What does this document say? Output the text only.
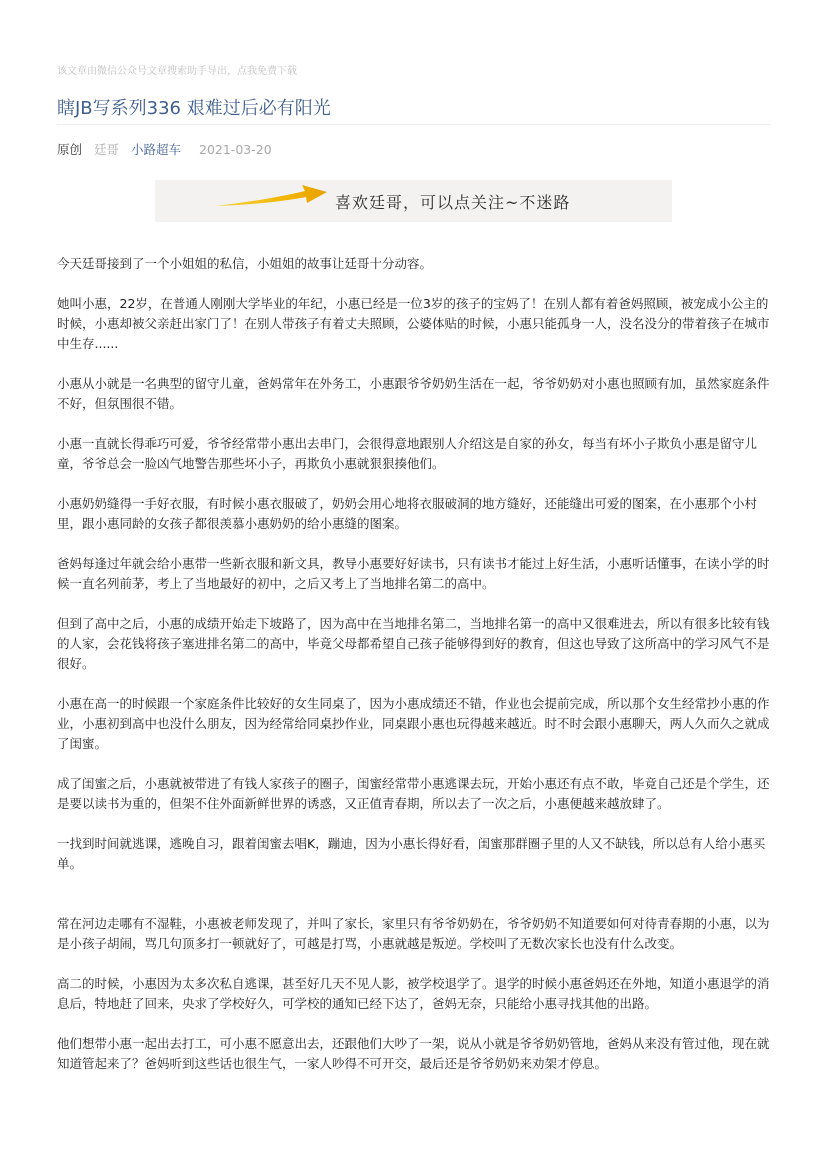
该文章由微信公众号文章搜索助手导出，点我免费下载
瞎JB写系列336 艰难过后必有阳光
原创 廷哥 小路超车 2021-03-20
喜欢廷哥，可以点关注~不迷路

今天廷哥接到了一个小姐姐的私信，小姐姐的故事让廷哥十分动容。

她叫小惠，22岁，在普通人刚刚大学毕业的年纪，小惠已经是一位3岁的孩子的宝妈了！在别人都有着爸妈照顾，被宠成小公主的时候，小惠却被父亲赶出家门了！在别人带孩子有着丈夫照顾，公婆体贴的时候，小惠只能孤身一人，没名没分的带着孩子在城市中生存......

小惠从小就是一名典型的留守儿童，爸妈常年在外务工，小惠跟爷爷奶奶生活在一起，爷爷奶奶对小惠也照顾有加，虽然家庭条件不好，但氛围很不错。

小惠一直就长得乖巧可爱，爷爷经常带小惠出去串门，会很得意地跟别人介绍这是自家的孙女，每当有坏小子欺负小惠是留守儿童，爷爷总会一脸凶气地警告那些坏小子，再欺负小惠就狠狠揍他们。

小惠奶奶缝得一手好衣服，有时候小惠衣服破了，奶奶会用心地将衣服破洞的地方缝好，还能缝出可爱的图案，在小惠那个小村里，跟小惠同龄的女孩子都很羡慕小惠奶奶的给小惠缝的图案。

爸妈每逢过年就会给小惠带一些新衣服和新文具，教导小惠要好好读书，只有读书才能过上好生活，小惠听话懂事，在读小学的时候一直名列前茅，考上了当地最好的初中，之后又考上了当地排名第二的高中。

但到了高中之后，小惠的成绩开始走下坡路了，因为高中在当地排名第二，当地排名第一的高中又很难进去，所以有很多比较有钱的人家，会花钱将孩子塞进排名第二的高中，毕竟父母都希望自己孩子能够得到好的教育，但这也导致了这所高中的学习风气不是很好。

小惠在高一的时候跟一个家庭条件比较好的女生同桌了，因为小惠成绩还不错，作业也会提前完成，所以那个女生经常抄小惠的作业，小惠初到高中也没什么朋友，因为经常给同桌抄作业，同桌跟小惠也玩得越来越近。时不时会跟小惠聊天，两人久而久之就成了闺蜜。

成了闺蜜之后，小惠就被带进了有钱人家孩子的圈子，闺蜜经常带小惠逃课去玩，开始小惠还有点不敢，毕竟自己还是个学生，还是要以读书为重的，但架不住外面新鲜世界的诱惑，又正值青春期，所以去了一次之后，小惠便越来越放肆了。

一找到时间就逃课，逃晚自习，跟着闺蜜去唱K，蹦迪，因为小惠长得好看，闺蜜那群圈子里的人又不缺钱，所以总有人给小惠买单。

常在河边走哪有不湿鞋，小惠被老师发现了，并叫了家长，家里只有爷爷奶奶在，爷爷奶奶不知道要如何对待青春期的小惠，以为是小孩子胡闹，骂几句顶多打一顿就好了，可越是打骂，小惠就越是叛逆。学校叫了无数次家长也没有什么改变。

高二的时候，小惠因为太多次私自逃课，甚至好几天不见人影，被学校退学了。退学的时候小惠爸妈还在外地，知道小惠退学的消息后，特地赶了回来，央求了学校好久，可学校的通知已经下达了，爸妈无奈，只能给小惠寻找其他的出路。

他们想带小惠一起出去打工，可小惠不愿意出去，还跟他们大吵了一架，说从小就是爷爷奶奶管地，爸妈从来没有管过他，现在就知道管起来了？爸妈听到这些话也很生气，一家人吵得不可开交，最后还是爷爷奶奶来劝架才停息。
